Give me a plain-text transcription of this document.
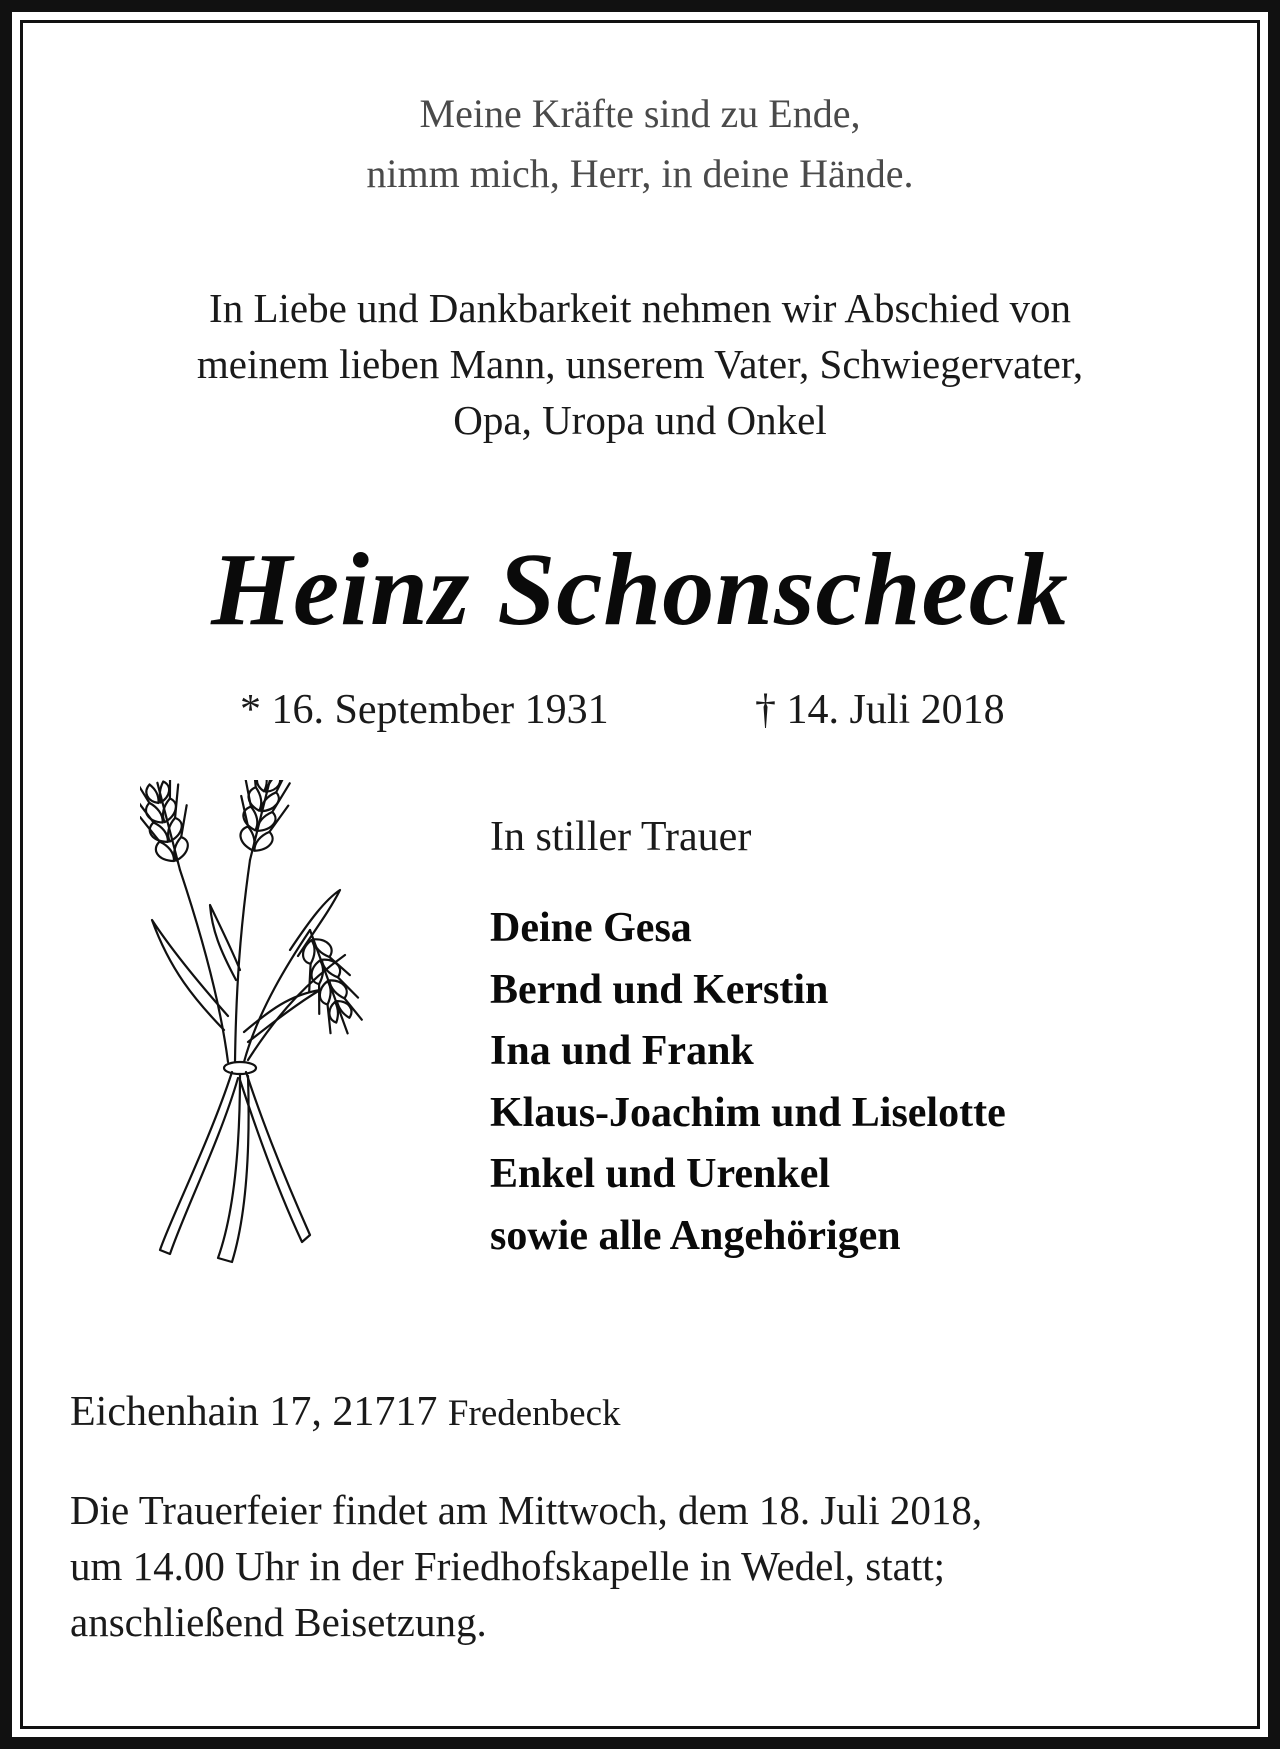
Meine Kräfte sind zu Ende,
nimm mich, Herr, in deine Hände.
In Liebe und Dankbarkeit nehmen wir Abschied von
meinem lieben Mann, unserem Vater, Schwiegervater,
Opa, Uropa und Onkel
Heinz Schonscheck
* 16. September 1931	† 14. Juli 2018
In stiller Trauer
Deine Gesa
Bernd und Kerstin
Ina und Frank
Klaus-Joachim und Liselotte
Enkel und Urenkel
sowie alle Angehörigen
Eichenhain 17, 21717 Fredenbeck
Die Trauerfeier findet am Mittwoch, dem 18. Juli 2018,
um 14.00 Uhr in der Friedhofskapelle in Wedel, statt;
anschließend Beisetzung.
